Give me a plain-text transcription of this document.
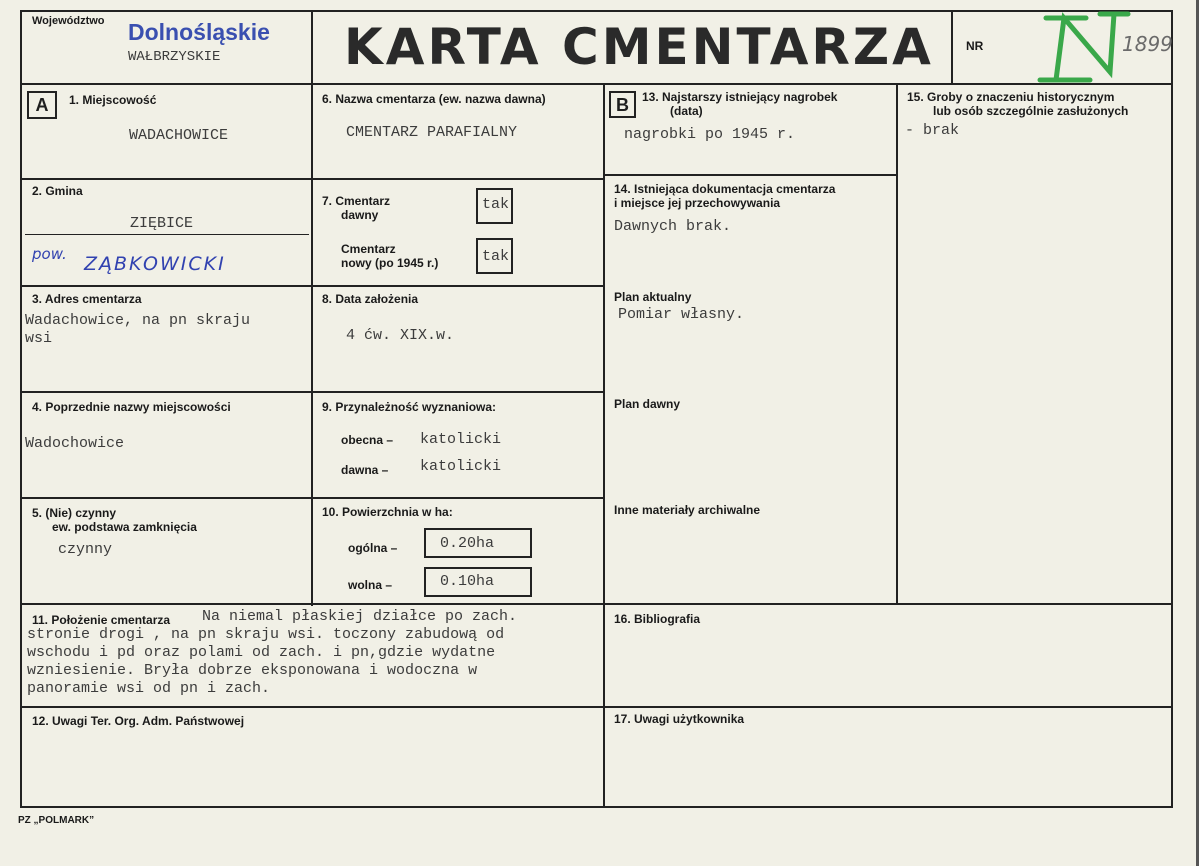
Województwo Dolnośląskie
WAŁBRZYSKIE KARTA CMENTARZA	NR	1899
A	1. Miejscowość
WADACHOWICE
2. Gmina
ZIĘBICE
pow. ZĄBKOWICKI
3. Adres cmentarza
Wadachowice, na pn skraju
wsi
4. Poprzednie nazwy miejscowości
Wadochowice
5. (Nie) czynny
ew. podstawa zamknięcia
czynny
6. Nazwa cmentarza (ew. nazwa dawna)
CMENTARZ PARAFIALNY
7. Cmentarz
dawny
tak
Cmentarz
nowy (po 1945 r.)	tak
8. Data założenia
4 ćw. XIX.w.
9. Przynależność wyznaniowa:
obecna – katolicki
dawna – katolicki
10. Powierzchnia w ha:
ogólna –	0.20ha
wolna –	0.10ha
B	13. Najstarszy istniejący nagrobek
(data)
nagrobki po 1945 r.
14. Istniejąca dokumentacja cmentarza
i miejsce jej przechowywania
Dawnych brak.
Plan aktualny
Pomiar własny.
Plan dawny
Inne materiały archiwalne
15. Groby o znaczeniu historycznym
lub osób szczególnie zasłużonych
- brak
11. Położenie cmentarza Na niemal płaskiej działce po zach.
stronie drogi , na pn skraju wsi. toczony zabudową od
wschodu i pd oraz polami od zach. i pn,gdzie wydatne
wzniesienie. Bryła dobrze eksponowana i wodoczna w
panoramie wsi od pn i zach.
12. Uwagi Ter. Org. Adm. Państwowej
16. Bibliografia
17. Uwagi użytkownika
PZ „POLMARK”
